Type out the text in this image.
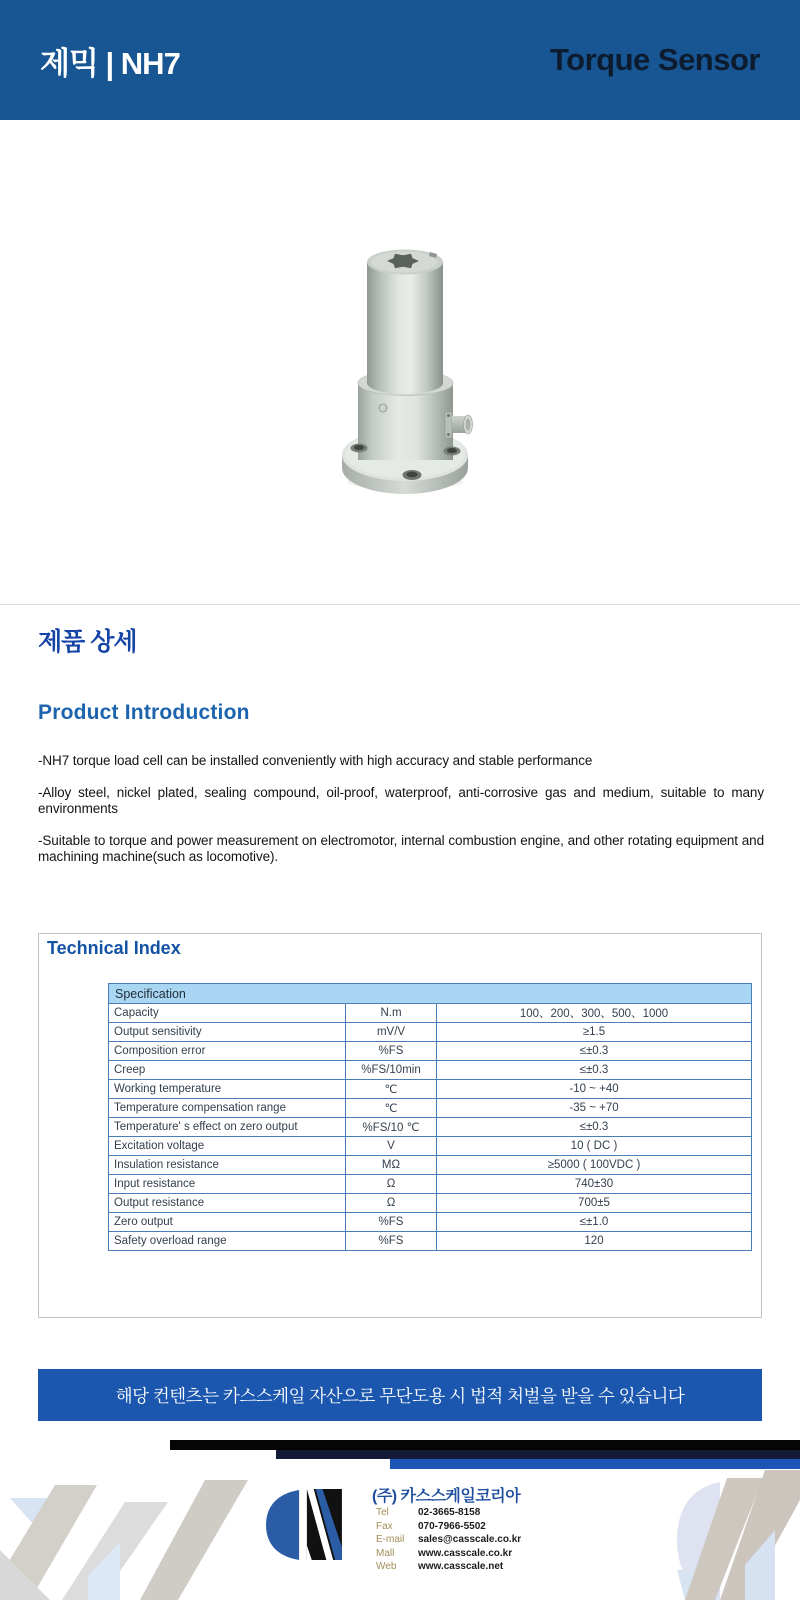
제믹 | NH7	Torque Sensor
제품 상세
Product Introduction

-NH7 torque load cell can be installed conveniently with high accuracy and stable performance

-Alloy steel, nickel plated, sealing compound, oil-proof, waterproof, anti-corrosive gas and medium, suitable to many environments

-Suitable to torque and power measurement on electromotor, internal combustion engine, and other rotating equipment and machining machine(such as locomotive).

Technical Index
Specification		
Capacity	N.m	100、200、300、500、1000
Output sensitivity	mV/V	≥1.5
Composition error	%FS	≤±0.3
Creep	%FS/10min	≤±0.3
Working temperature	℃	-10 ~ +40
Temperature compensation range	℃	-35 ~ +70
Temperature' s effect on zero output	%FS/10 ℃	≤±0.3
Excitation voltage	V	10 ( DC )
Insulation resistance	MΩ	≥5000 ( 100VDC )
Input resistance	Ω	740±30
Output resistance	Ω	700±5
Zero output	%FS	≤±1.0
Safety overload range	%FS	120
해당 컨텐츠는 카스스케일 자산으로 무단도용 시 법적 처벌을 받을 수 있습니다
(주) 카스스케일코리아
Tel	02-3665-8158
Fax	070-7966-5502
E-mail	sales@casscale.co.kr
Mall	www.casscale.co.kr
Web	www.casscale.net
